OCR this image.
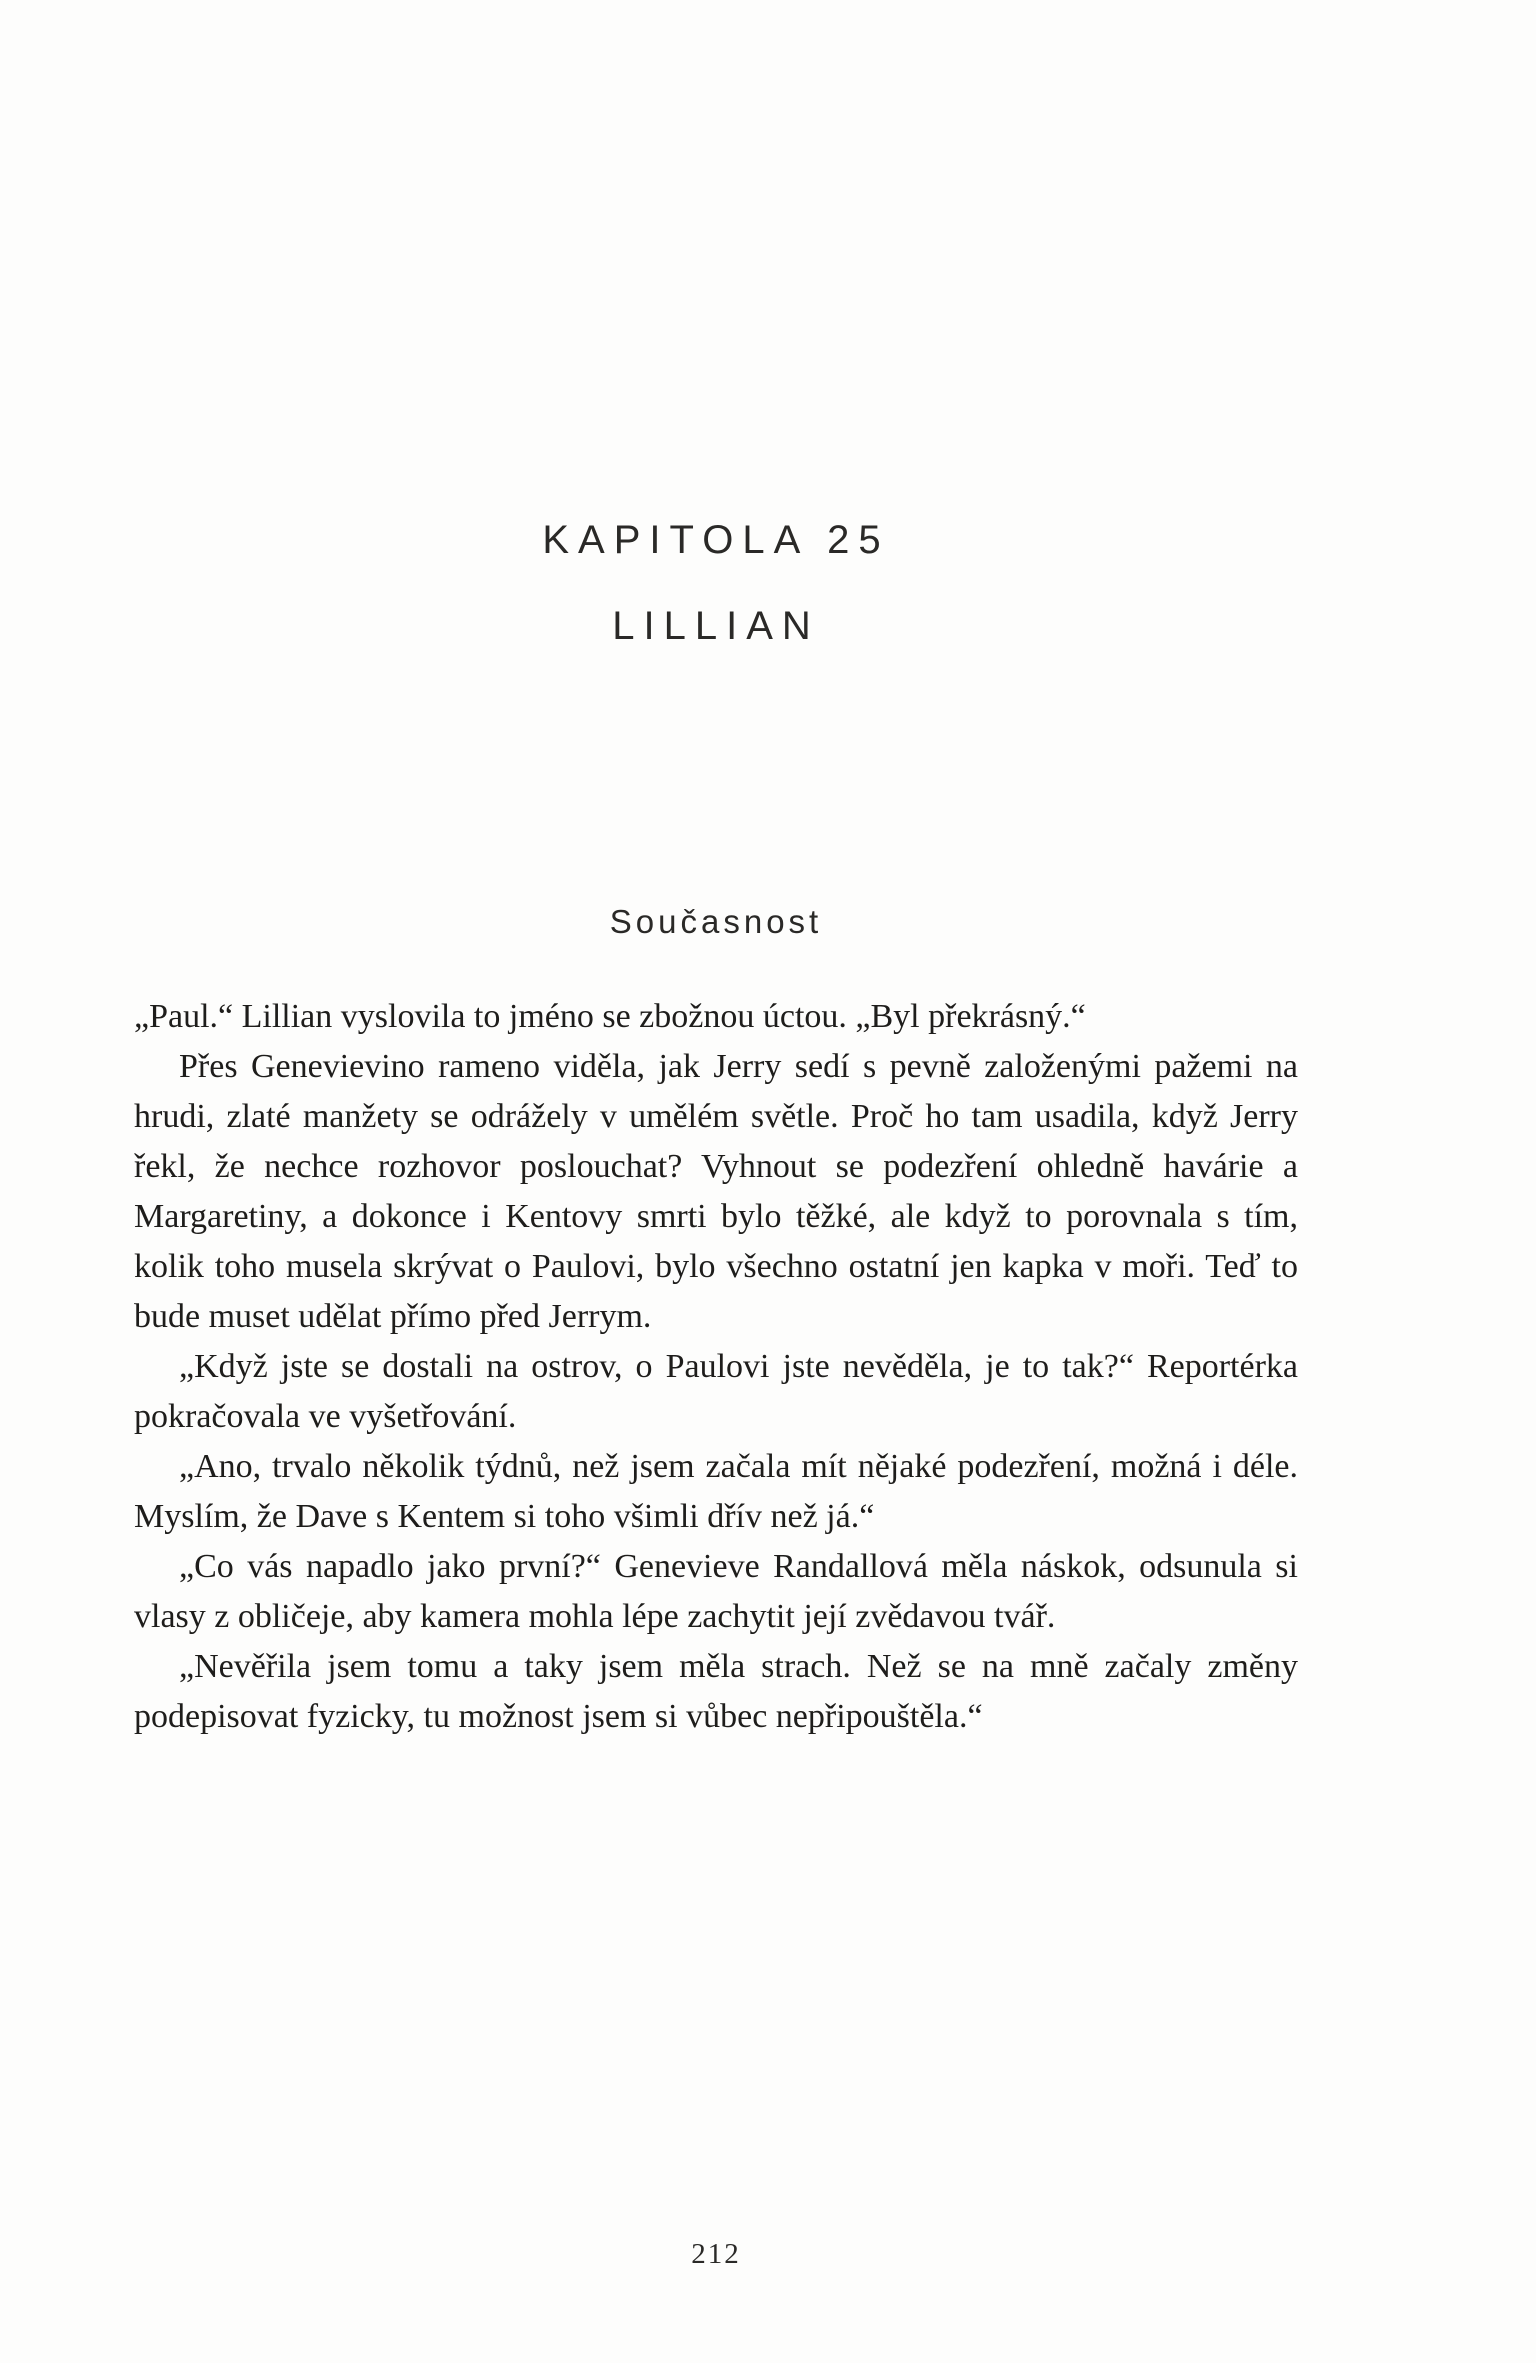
KAPITOLA 25
LILLIAN
Současnost

„Paul.“ Lillian vyslovila to jméno se zbožnou úctou. „Byl překrásný.“

Přes Genevievino rameno viděla, jak Jerry sedí s pevně založenými pažemi na hrudi, zlaté manžety se odrážely v umělém světle. Proč ho tam usadila, když Jerry řekl, že nechce rozhovor poslouchat? Vyhnout se podezření ohledně havárie a Margaretiny, a dokonce i Kentovy smrti bylo těžké, ale když to porovnala s tím, kolik toho musela skrývat o Paulovi, bylo všechno ostatní jen kapka v moři. Teď to bude muset udělat přímo před Jerrym.

„Když jste se dostali na ostrov, o Paulovi jste nevěděla, je to tak?“ Reportérka pokračovala ve vyšetřování.

„Ano, trvalo několik týdnů, než jsem začala mít nějaké podezření, možná i déle. Myslím, že Dave s Kentem si toho všimli dřív než já.“

„Co vás napadlo jako první?“ Genevieve Randallová měla náskok, odsunula si vlasy z obličeje, aby kamera mohla lépe zachytit její zvědavou tvář.

„Nevěřila jsem tomu a taky jsem měla strach. Než se na mně začaly změny podepisovat fyzicky, tu možnost jsem si vůbec nepřipouštěla.“

212
